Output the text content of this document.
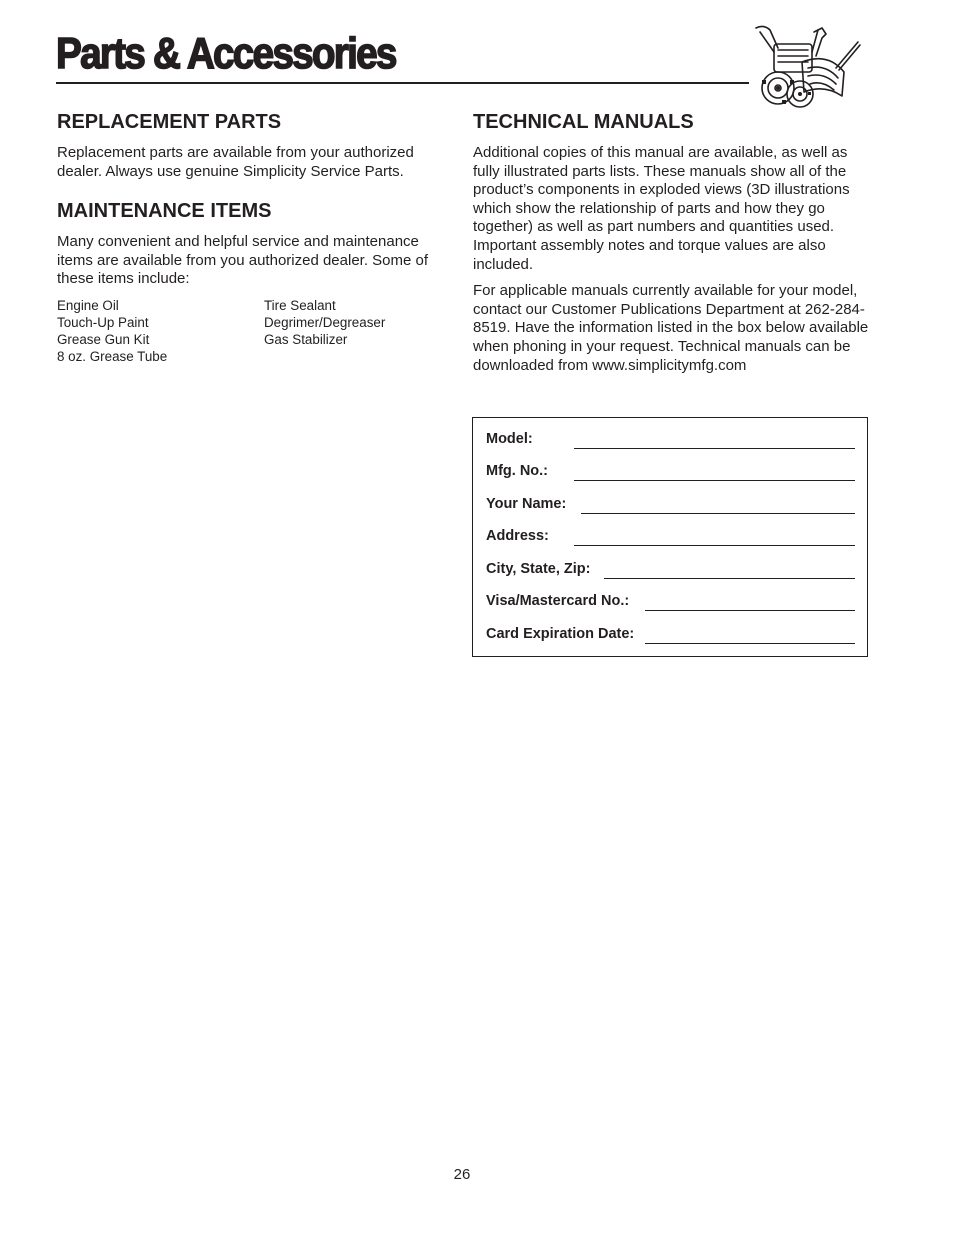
Parts & Accessories
REPLACEMENT PARTS

Replacement parts are available from your authorized dealer. Always use genuine Simplicity Service Parts.

MAINTENANCE ITEMS

Many convenient and helpful service and maintenance items are available from you authorized dealer. Some of these items include:

Engine Oil
Touch-Up Paint
Grease Gun Kit
8 oz. Grease Tube
Tire Sealant
Degrimer/Degreaser
Gas Stabilizer
TECHNICAL MANUALS

Additional copies of this manual are available, as well as fully illustrated parts lists. These manuals show all of the product’s components in exploded views (3D illustrations which show the relationship of parts and how they go together) as well as part numbers and quantities used. Important assembly notes and torque values are also included.

For applicable manuals currently available for your model, contact our Customer Publications Department at 262-284-8519. Have the information listed in the box below available when phoning in your request. Technical manuals can be downloaded from www.simplicitymfg.com

Model:
Mfg. No.:
Your Name:
Address:
City, State, Zip:
Visa/Mastercard No.:
Card Expiration Date:
26
